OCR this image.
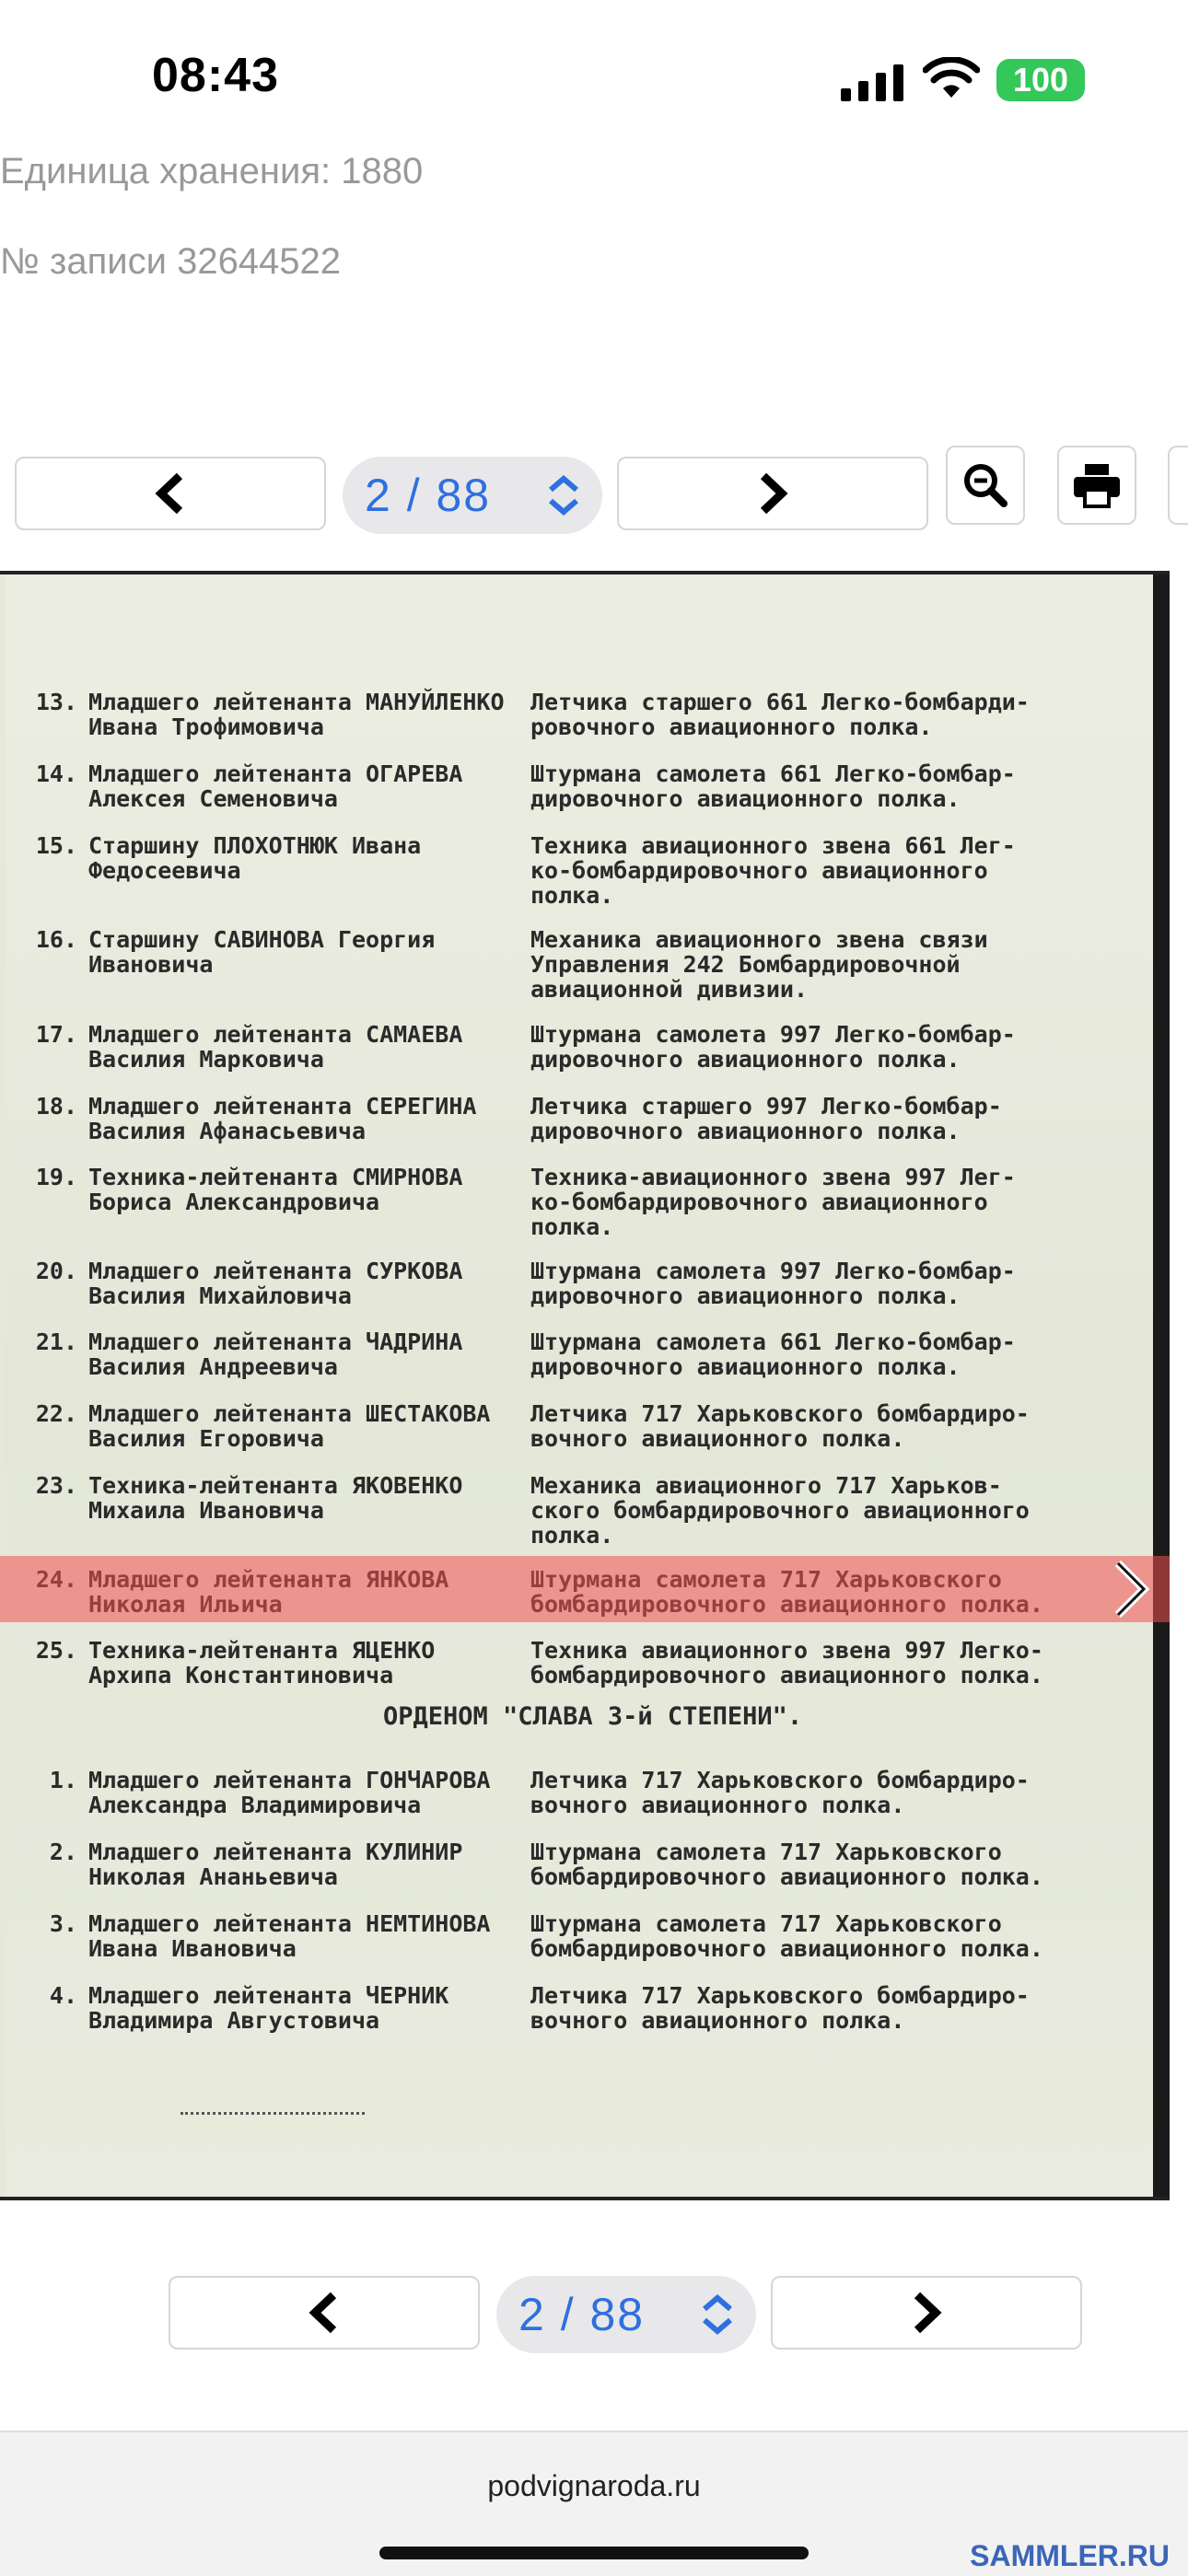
08:43	100
Единица хранения: 1880
№ записи 32644522
2 / 88
13. Младшего лейтенанта МАНУЙЛЕНКО
Ивана Трофимовича
Летчика старшего 661 Легко-бомбарди-
ровочного авиационного полка.
14. Младшего лейтенанта ОГАРЕВА
Алексея Семеновича
Штурмана самолета 661 Легко-бомбар-
дировочного авиационного полка.
15. Старшину ПЛОХОТНЮК Ивана
Федосеевича
Техника авиационного звена 661 Лег-
ко-бомбардировочного авиационного
полка.
16. Старшину САВИНОВА Георгия
Ивановича
Механика авиационного звена связи
Управления 242 Бомбардировочной
авиационной дивизии.
17. Младшего лейтенанта САМАЕВА
Василия Марковича
Штурмана самолета 997 Легко-бомбар-
дировочного авиационного полка.
18. Младшего лейтенанта СЕРЕГИНА
Василия Афанасьевича
Летчика старшего 997 Легко-бомбар-
дировочного авиационного полка.
19. Техника-лейтенанта СМИРНОВА
Бориса Александровича
Техника-авиационного звена 997 Лег-
ко-бомбардировочного авиационного
полка.
20. Младшего лейтенанта СУРКОВА
Василия Михайловича
Штурмана самолета 997 Легко-бомбар-
дировочного авиационного полка.
21. Младшего лейтенанта ЧАДРИНА
Василия Андреевича
Штурмана самолета 661 Легко-бомбар-
дировочного авиационного полка.
22. Младшего лейтенанта ШЕСТАКОВА
Василия Егоровича
Летчика 717 Харьковского бомбардиро-
вочного авиационного полка.
23. Техника-лейтенанта ЯКОВЕНКО
Михаила Ивановича
Механика авиационного 717 Харьков-
ского бомбардировочного авиационного
полка.
25. Техника-лейтенанта ЯЦЕНКО
Архипа Константиновича
Техника авиационного звена 997 Легко-
бомбардировочного авиационного полка.
ОРДЕНОМ "СЛАВА 3-й СТЕПЕНИ".
1. Младшего лейтенанта ГОНЧАРОВА
Александра Владимировича
Летчика 717 Харьковского бомбардиро-
вочного авиационного полка.
2. Младшего лейтенанта КУЛИНИР
Николая Ананьевича
Штурмана самолета 717 Харьковского
бомбардировочного авиационного полка.
3. Младшего лейтенанта НЕМТИНОВА
Ивана Ивановича
Штурмана самолета 717 Харьковского
бомбардировочного авиационного полка.
4. Младшего лейтенанта ЧЕРНИК
Владимира Августовича
Летчика 717 Харьковского бомбардиро-
вочного авиационного полка.
2 / 88
podvignaroda.ru
SAMMLER.RU
